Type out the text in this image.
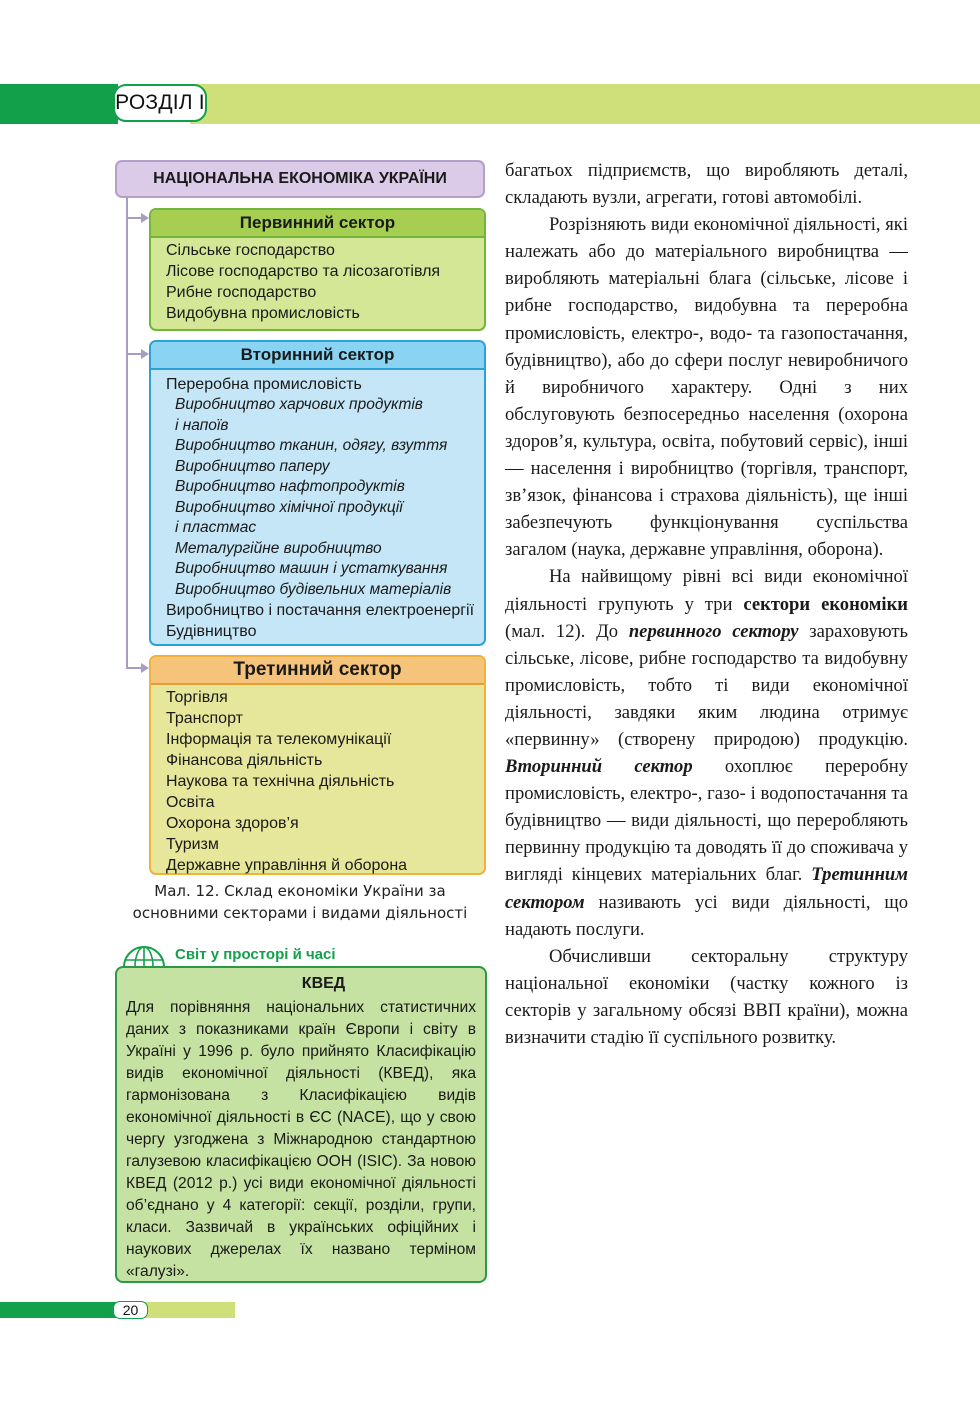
РОЗДІЛ І
НАЦІОНАЛЬНА ЕКОНОМІКА УКРАЇНИ
Первинний сектор
Сільське господарство
Лісове господарство та лісозаготівля
Рибне господарство
Видобувна промисловість
Вторинний сектор
Переробна промисловість
Виробництво харчових продуктів
і напоїв
Виробництво тканин, одягу, взуття
Виробництво паперу
Виробництво нафтопродуктів
Виробництво хімічної продукції
і пластмас
Металургійне виробництво
Виробництво машин і устаткування
Виробництво будівельних матеріалів
Виробництво і постачання електроенергії
Будівництво
Третинний сектор
Торгівля
Транспорт
Інформація та телекомунікації
Фінансова діяльність
Наукова та технічна діяльність
Освіта
Охорона здоров’я
Туризм
Державне управління й оборона
Мал. 12. Склад економіки України за
основними секторами і видами діяльності
Світ у просторі й часі
КВЕД
Для порівняння національних статистичних даних з показниками країн Європи і світу в Україні у 1996 р. було прийнято Класифікацію видів економічної діяльності (КВЕД), яка гармонізована з Класифікацією видів економічної діяльності в ЄС (NACE), що у свою чергу узгоджена з Міжнародною стандартною галузевою класифікацією ООН (ISIC). За новою КВЕД (2012 р.) усі види економічної діяльності об’єднано у 4 категорії: секції, розділи, групи, класи. Зазвичай в українських офіційних і наукових джерелах їх названо терміном «галузі».

багатьох підприємств, що виробляють деталі, складають вузли, агрегати, готові автомобілі.

Розрізняють види економічної діяльності, які належать або до матеріального виробництва — виробляють матеріальні блага (сільське, лісове і рибне господарство, видобувна та переробна промисловість, електро-, водо- та газопостачання, будівництво), або до сфери послуг невиробничого й виробничого характеру. Одні з них обслуговують безпосередньо населення (охорона здоров’я, культура, освіта, побутовий сервіс), інші — населення і виробництво (торгівля, транспорт, зв’язок, фінансова і страхова діяльність), ще інші забезпечують функціонування суспільства загалом (наука, державне управління, оборона).

На найвищому рівні всі види економічної діяльності групують у три сектори економіки (мал. 12). До первинного сектору зараховують сільське, лісове, рибне господарство та видобувну промисловість, тобто ті види економічної діяльності, завдяки яким людина отримує «первинну» (створену природою) продукцію. Вторинний сектор охоплює переробну промисловість, електро-, газо- і водопостачання та будівництво — види діяльності, що переробляють первинну продукцію та доводять її до споживача у вигляді кінцевих матеріальних благ. Третинним сектором називають усі види діяльності, що надають послуги.

Обчисливши секторальну структуру національної економіки (частку кожного із секторів у загальному обсязі ВВП країни), можна визначити стадію її суспільного розвитку.

20
